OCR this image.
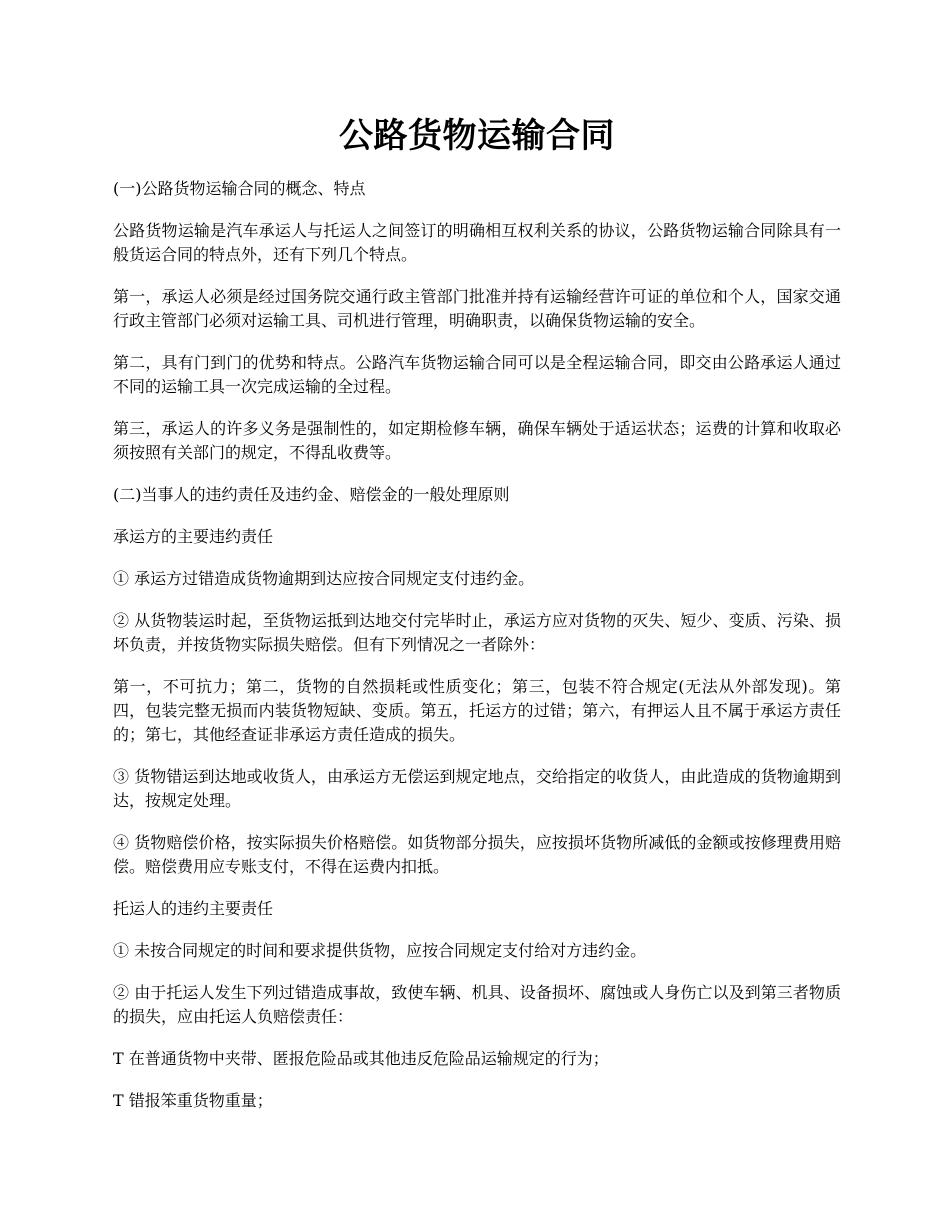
公路货物运输合同

(一)公路货物运输合同的概念、特点

公路货物运输是汽车承运人与托运人之间签订的明确相互权利关系的协议，公路货物运输合同除具有一般货运合同的特点外，还有下列几个特点。

第一，承运人必须是经过国务院交通行政主管部门批准并持有运输经营许可证的单位和个人，国家交通行政主管部门必须对运输工具、司机进行管理，明确职责，以确保货物运输的安全。

第二，具有门到门的优势和特点。公路汽车货物运输合同可以是全程运输合同，即交由公路承运人通过不同的运输工具一次完成运输的全过程。

第三，承运人的许多义务是强制性的，如定期检修车辆，确保车辆处于适运状态；运费的计算和收取必须按照有关部门的规定，不得乱收费等。

(二)当事人的违约责任及违约金、赔偿金的一般处理原则

承运方的主要违约责任

① 承运方过错造成货物逾期到达应按合同规定支付违约金。

② 从货物装运时起，至货物运抵到达地交付完毕时止，承运方应对货物的灭失、短少、变质、污染、损坏负责，并按货物实际损失赔偿。但有下列情况之一者除外：

第一，不可抗力；第二，货物的自然损耗或性质变化；第三，包装不符合规定(无法从外部发现)。第四，包装完整无损而内装货物短缺、变质。第五，托运方的过错；第六，有押运人且不属于承运方责任的；第七，其他经查证非承运方责任造成的损失。

③ 货物错运到达地或收货人，由承运方无偿运到规定地点，交给指定的收货人，由此造成的货物逾期到达，按规定处理。

④ 货物赔偿价格，按实际损失价格赔偿。如货物部分损失，应按损坏货物所减低的金额或按修理费用赔偿。赔偿费用应专账支付，不得在运费内扣抵。

托运人的违约主要责任

① 未按合同规定的时间和要求提供货物，应按合同规定支付给对方违约金。

② 由于托运人发生下列过错造成事故，致使车辆、机具、设备损坏、腐蚀或人身伤亡以及到第三者物质的损失，应由托运人负赔偿责任：

T 在普通货物中夹带、匿报危险品或其他违反危险品运输规定的行为；

T 错报笨重货物重量；
